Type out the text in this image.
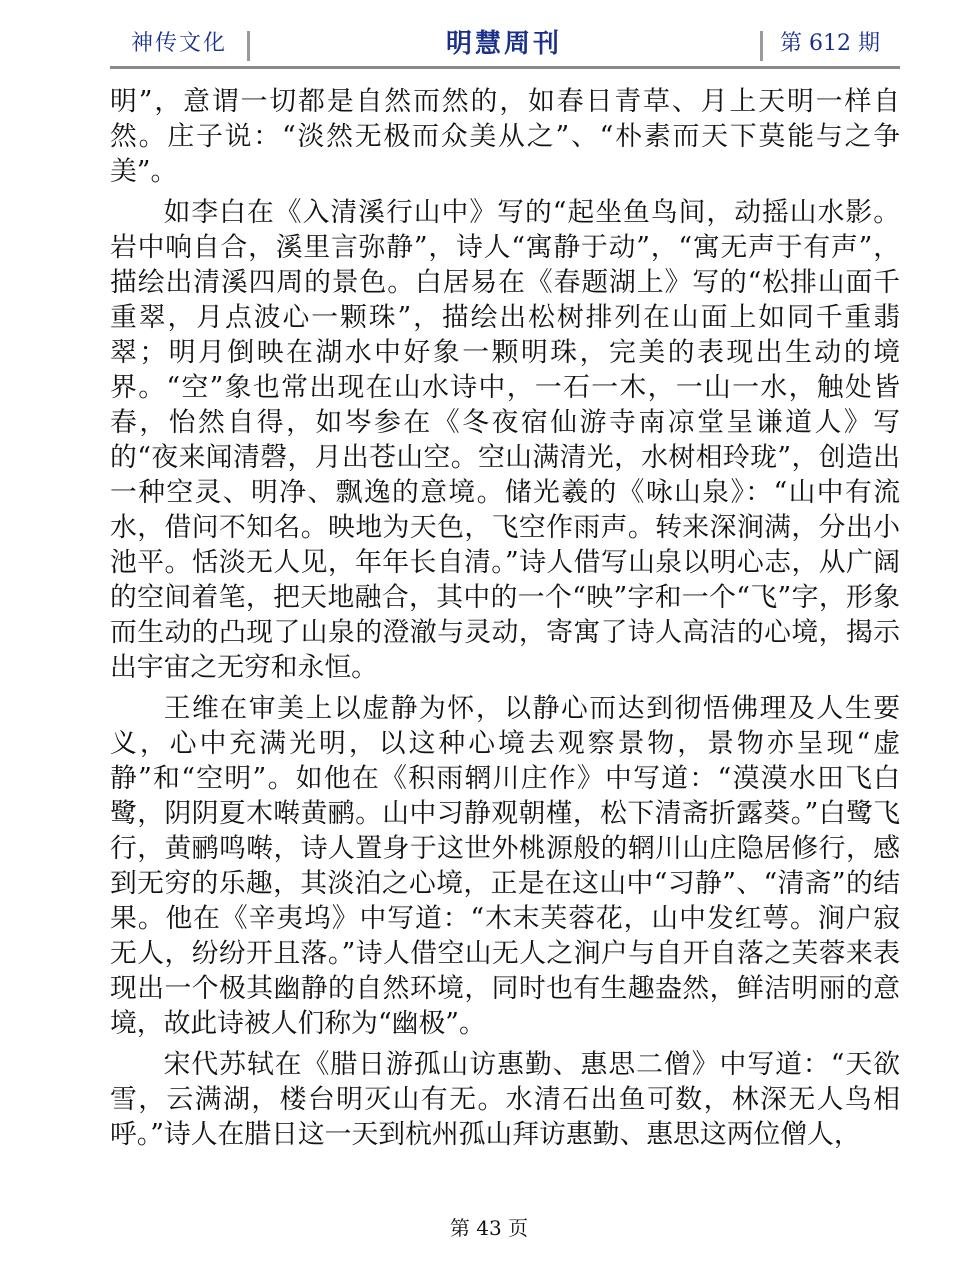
神传文化	明慧周刊	第 612 期

明”，意谓一切都是自然而然的，如春日青草、月上天明一样自然。庄子说：“淡然无极而众美从之”、“朴素而天下莫能与之争美”。

如李白在《入清溪行山中》写的“起坐鱼鸟间，动摇山水影。岩中响自合，溪里言弥静”，诗人“寓静于动”，“寓无声于有声”，描绘出清溪四周的景色。白居易在《春题湖上》写的“松排山面千重翠，月点波心一颗珠”，描绘出松树排列在山面上如同千重翡翠；明月倒映在湖水中好象一颗明珠，完美的表现出生动的境界。“空”象也常出现在山水诗中，一石一木，一山一水，触处皆春，怡然自得，如岑参在《冬夜宿仙游寺南凉堂呈谦道人》写的“夜来闻清磬，月出苍山空。空山满清光，水树相玲珑”，创造出一种空灵、明净、飘逸的意境。储光羲的《咏山泉》：“山中有流水，借问不知名。映地为天色，飞空作雨声。转来深涧满，分出小池平。恬淡无人见，年年长自清。”诗人借写山泉以明心志，从广阔的空间着笔，把天地融合，其中的一个“映”字和一个“飞”字，形象而生动的凸现了山泉的澄澈与灵动，寄寓了诗人高洁的心境，揭示出宇宙之无穷和永恒。

王维在审美上以虚静为怀，以静心而达到彻悟佛理及人生要义，心中充满光明，以这种心境去观察景物，景物亦呈现“虚静”和“空明”。如他在《积雨辋川庄作》中写道：“漠漠水田飞白鹭，阴阴夏木啭黄鹂。山中习静观朝槿，松下清斋折露葵。”白鹭飞行，黄鹂鸣啭，诗人置身于这世外桃源般的辋川山庄隐居修行，感到无穷的乐趣，其淡泊之心境，正是在这山中“习静”、“清斋”的结果。他在《辛夷坞》中写道：“木末芙蓉花，山中发红萼。涧户寂无人，纷纷开且落。”诗人借空山无人之涧户与自开自落之芙蓉来表现出一个极其幽静的自然环境，同时也有生趣盎然，鲜洁明丽的意境，故此诗被人们称为“幽极”。

宋代苏轼在《腊日游孤山访惠勤、惠思二僧》中写道：“天欲雪，云满湖，楼台明灭山有无。水清石出鱼可数，林深无人鸟相呼。”诗人在腊日这一天到杭州孤山拜访惠勤、惠思这两位僧人，

第 43 页
